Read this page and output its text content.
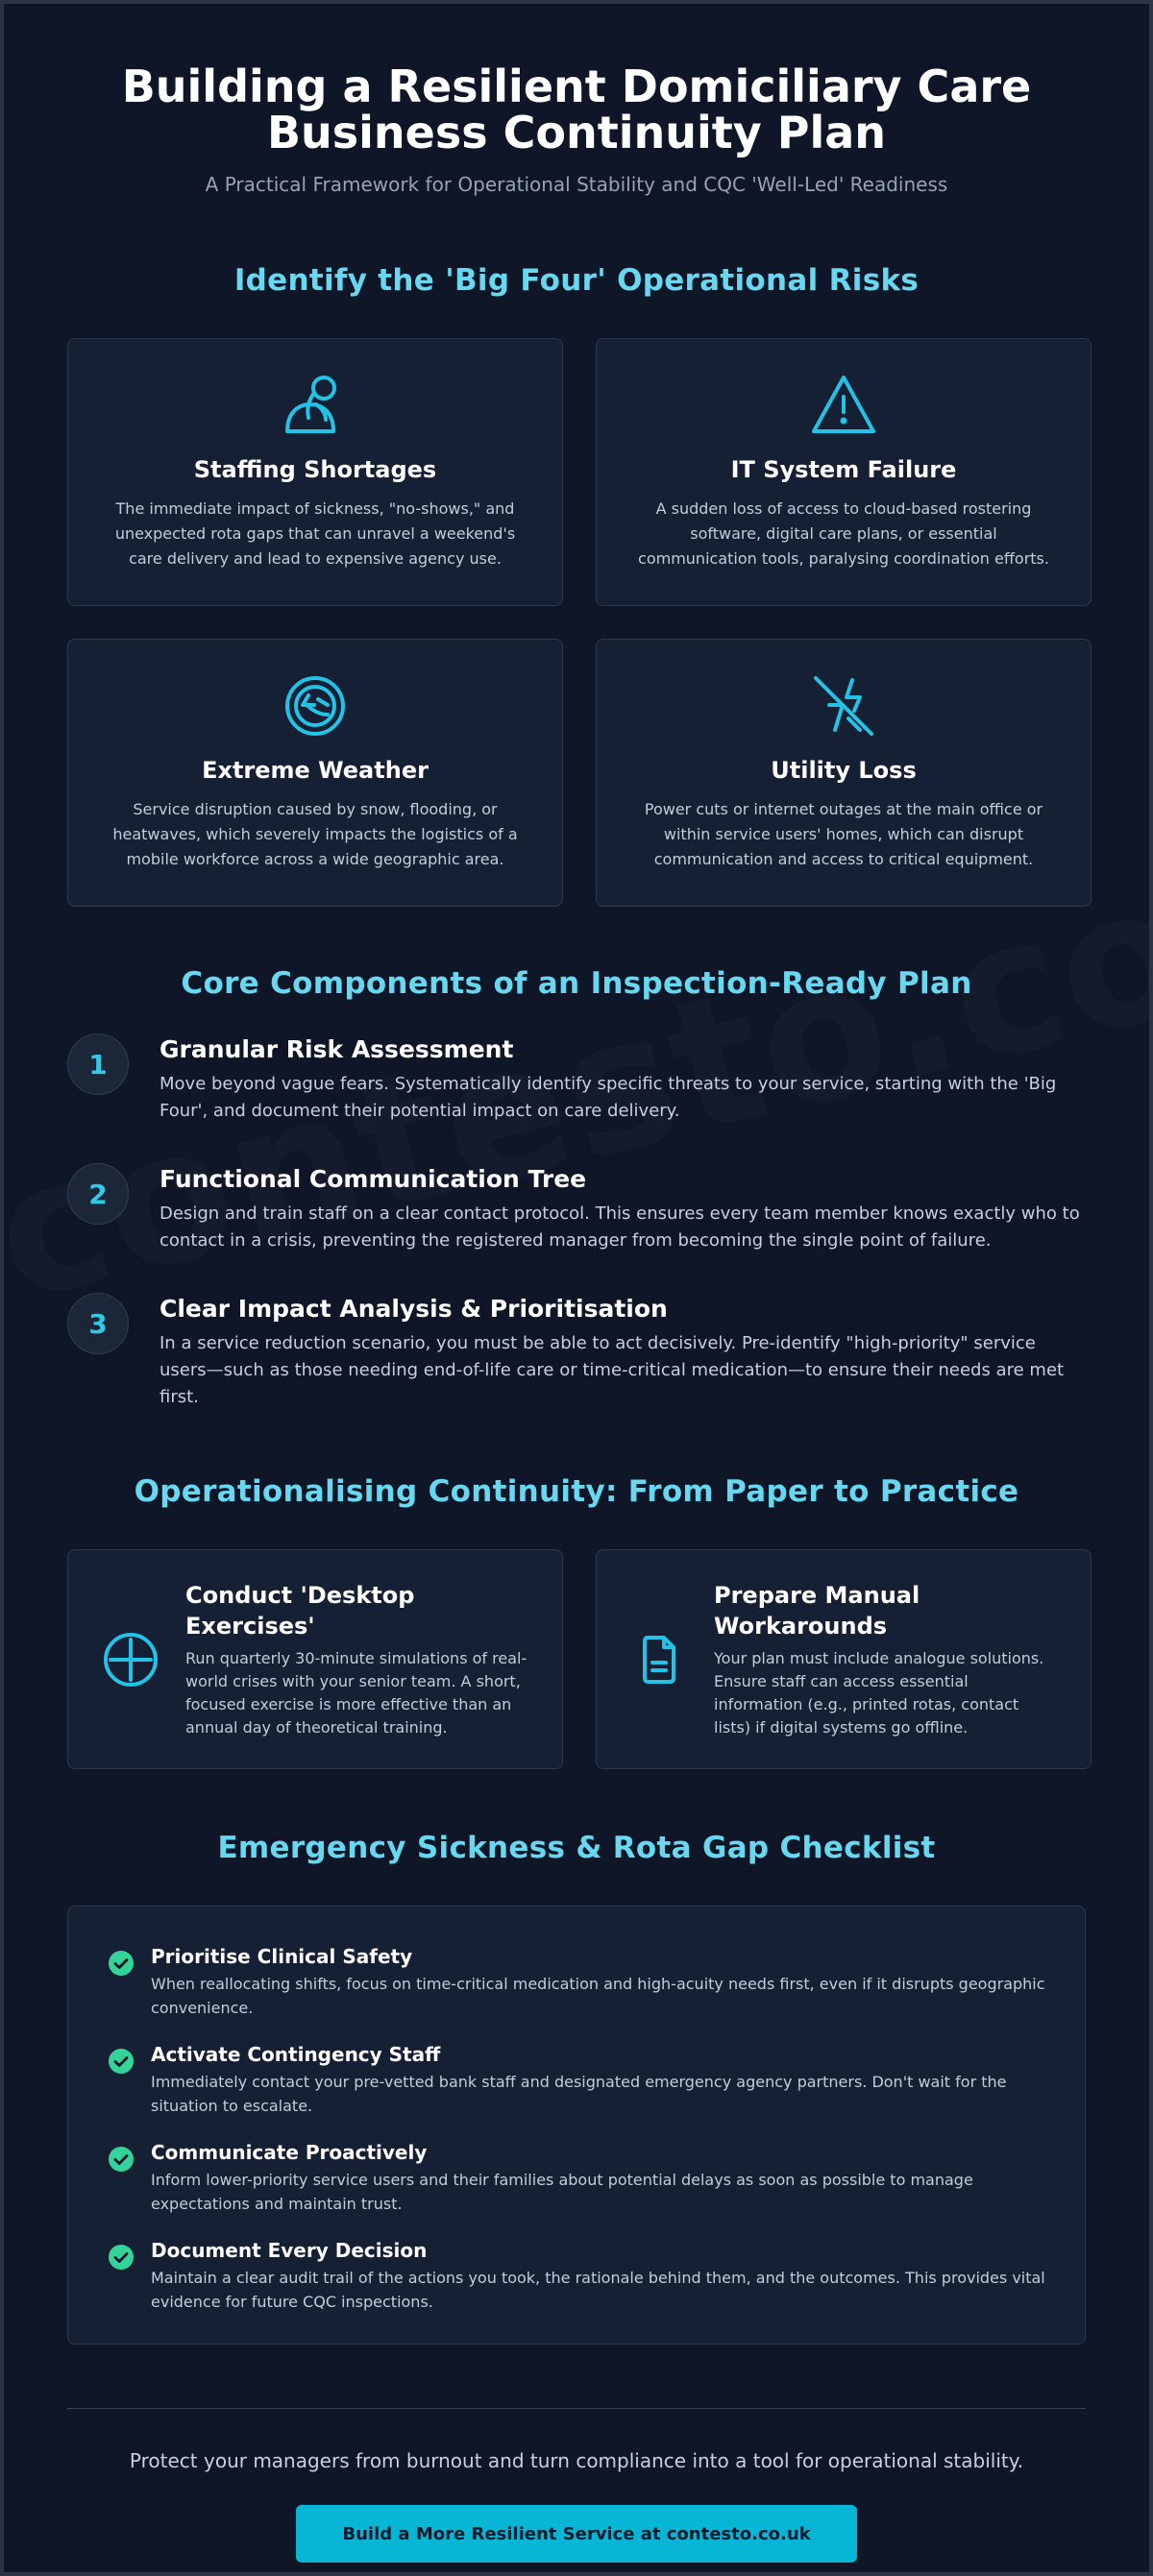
Building a Resilient Domiciliary Care
Business Continuity Plan
A Practical Framework for Operational Stability and CQC 'Well-Led' Readiness
Identify the 'Big Four' Operational Risks
Staffing Shortages
The immediate impact of sickness, "no-shows," and unexpected rota gaps that can unravel a weekend's care delivery and lead to expensive agency use.
IT System Failure
A sudden loss of access to cloud-based rostering software, digital care plans, or essential communication tools, paralysing coordination efforts.
Extreme Weather
Service disruption caused by snow, flooding, or heatwaves, which severely impacts the logistics of a mobile workforce across a wide geographic area.
Utility Loss
Power cuts or internet outages at the main office or within service users' homes, which can disrupt communication and access to critical equipment.
Core Components of an Inspection-Ready Plan
1	Granular Risk Assessment
Move beyond vague fears. Systematically identify specific threats to your service, starting with the 'Big Four', and document their potential impact on care delivery.
2	Functional Communication Tree
Design and train staff on a clear contact protocol. This ensures every team member knows exactly who to contact in a crisis, preventing the registered manager from becoming the single point of failure.
3	Clear Impact Analysis & Prioritisation
In a service reduction scenario, you must be able to act decisively. Pre-identify "high-priority" service users—such as those needing end-of-life care or time-critical medication—to ensure their needs are met first.
Operationalising Continuity: From Paper to Practice
Conduct 'Desktop Exercises'
Run quarterly 30-minute simulations of real-world crises with your senior team. A short, focused exercise is more effective than an annual day of theoretical training.
Prepare Manual Workarounds
Your plan must include analogue solutions. Ensure staff can access essential information (e.g., printed rotas, contact lists) if digital systems go offline.
Emergency Sickness & Rota Gap Checklist
Prioritise Clinical Safety
When reallocating shifts, focus on time-critical medication and high-acuity needs first, even if it disrupts geographic convenience.
Activate Contingency Staff
Immediately contact your pre-vetted bank staff and designated emergency agency partners. Don't wait for the situation to escalate.
Communicate Proactively
Inform lower-priority service users and their families about potential delays as soon as possible to manage expectations and maintain trust.
Document Every Decision
Maintain a clear audit trail of the actions you took, the rationale behind them, and the outcomes. This provides vital evidence for future CQC inspections.
Protect your managers from burnout and turn compliance into a tool for operational stability.
Build a More Resilient Service at contesto.co.uk
